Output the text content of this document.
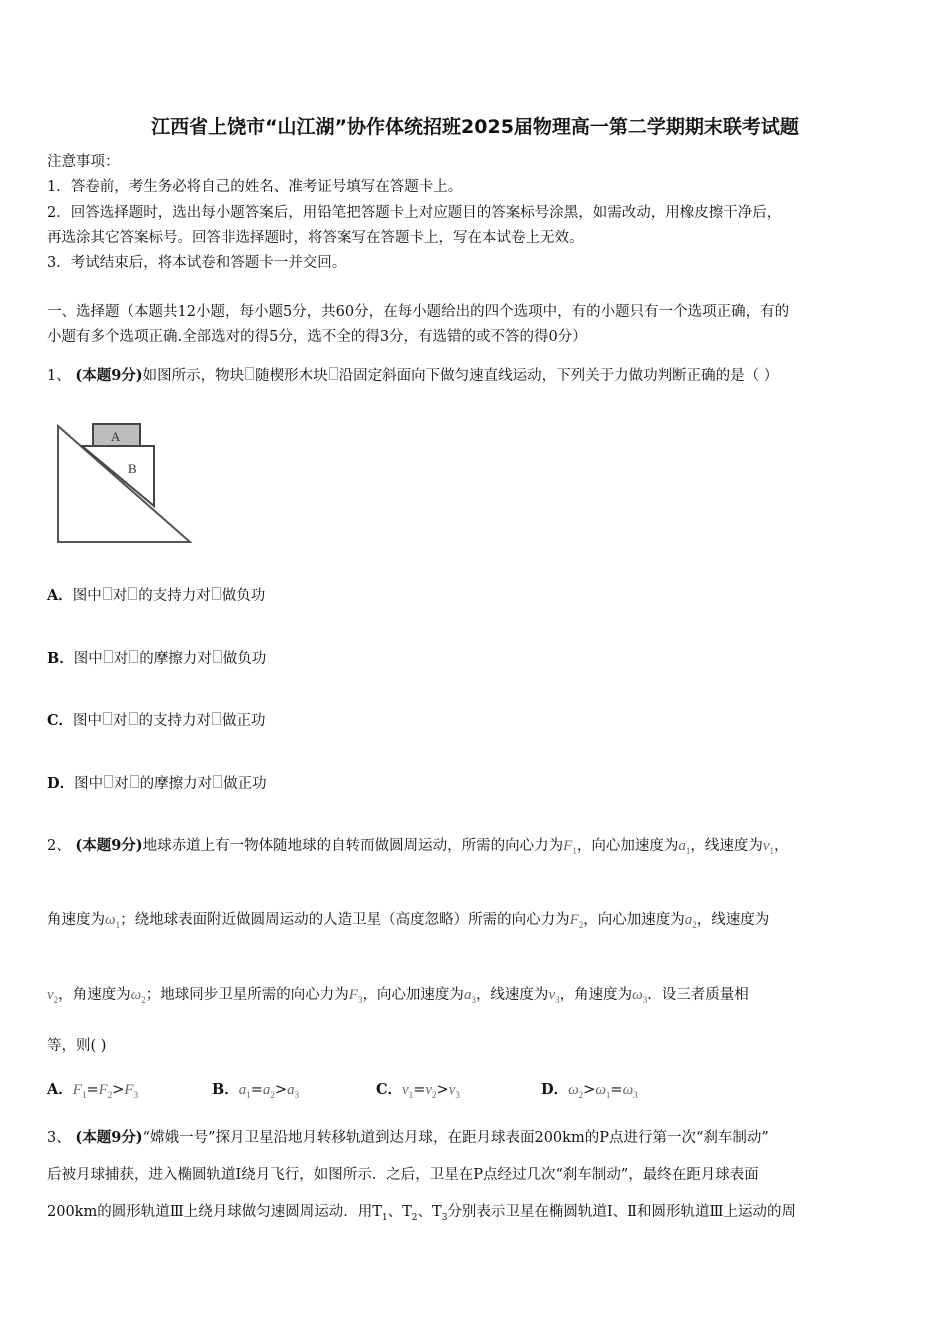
江西省上饶市“山江湖”协作体统招班2025届物理高一第二学期期末联考试题
注意事项：
1．答卷前，考生务必将自己的姓名、准考证号填写在答题卡上。
2．回答选择题时，选出每小题答案后，用铅笔把答题卡上对应题目的答案标号涂黑，如需改动，用橡皮擦干净后，
再选涂其它答案标号。回答非选择题时，将答案写在答题卡上，写在本试卷上无效。
3．考试结束后，将本试卷和答题卡一并交回。
一、选择题（本题共12小题，每小题5分，共60分，在每小题给出的四个选项中，有的小题只有一个选项正确，有的
小题有多个选项正确.全部选对的得5分，选不全的得3分，有选错的或不答的得0分）
1、 (本题9分)如图所示，物块 随楔形木块 沿固定斜面向下做匀速直线运动，下列关于力做功判断正确的是（ ）
A
B
A．图中 对 的支持力对 做负功
B．图中 对 的摩擦力对 做负功
C．图中 对 的支持力对 做正功
D．图中 对 的摩擦力对 做正功
2、 (本题9分)地球赤道上有一物体随地球的自转而做圆周运动，所需的向心力为$F_1$，向心加速度为$a_1$，线速度为$v_1$，
角速度为$\omega_1$；绕地球表面附近做圆周运动的人造卫星（高度忽略）所需的向心力为$F_2$，向心加速度为$a_2$，线速度为
$v_2$，角速度为$\omega_2$；地球同步卫星所需的向心力为$F_3$，向心加速度为$a_3$，线速度为$v_3$，角速度为$\omega_3$．设三者质量相
等，则( )
A．$F_1=F_2>F_3$	B．$a_1=a_2>a_3$	C．$v_1=v_2>v_3$	D．$\omega_2>\omega_1=\omega_3$
3、 (本题9分)“嫦娥一号”探月卫星沿地月转移轨道到达月球，在距月球表面200km的P点进行第一次“刹车制动”
后被月球捕获，进入椭圆轨道Ⅰ绕月飞行，如图所示．之后，卫星在P点经过几次“刹车制动”，最终在距月球表面
200km的圆形轨道Ⅲ上绕月球做匀速圆周运动．用$T_1$、$T_2$、$T_3$分别表示卫星在椭圆轨道Ⅰ、Ⅱ和圆形轨道Ⅲ上运动的周
